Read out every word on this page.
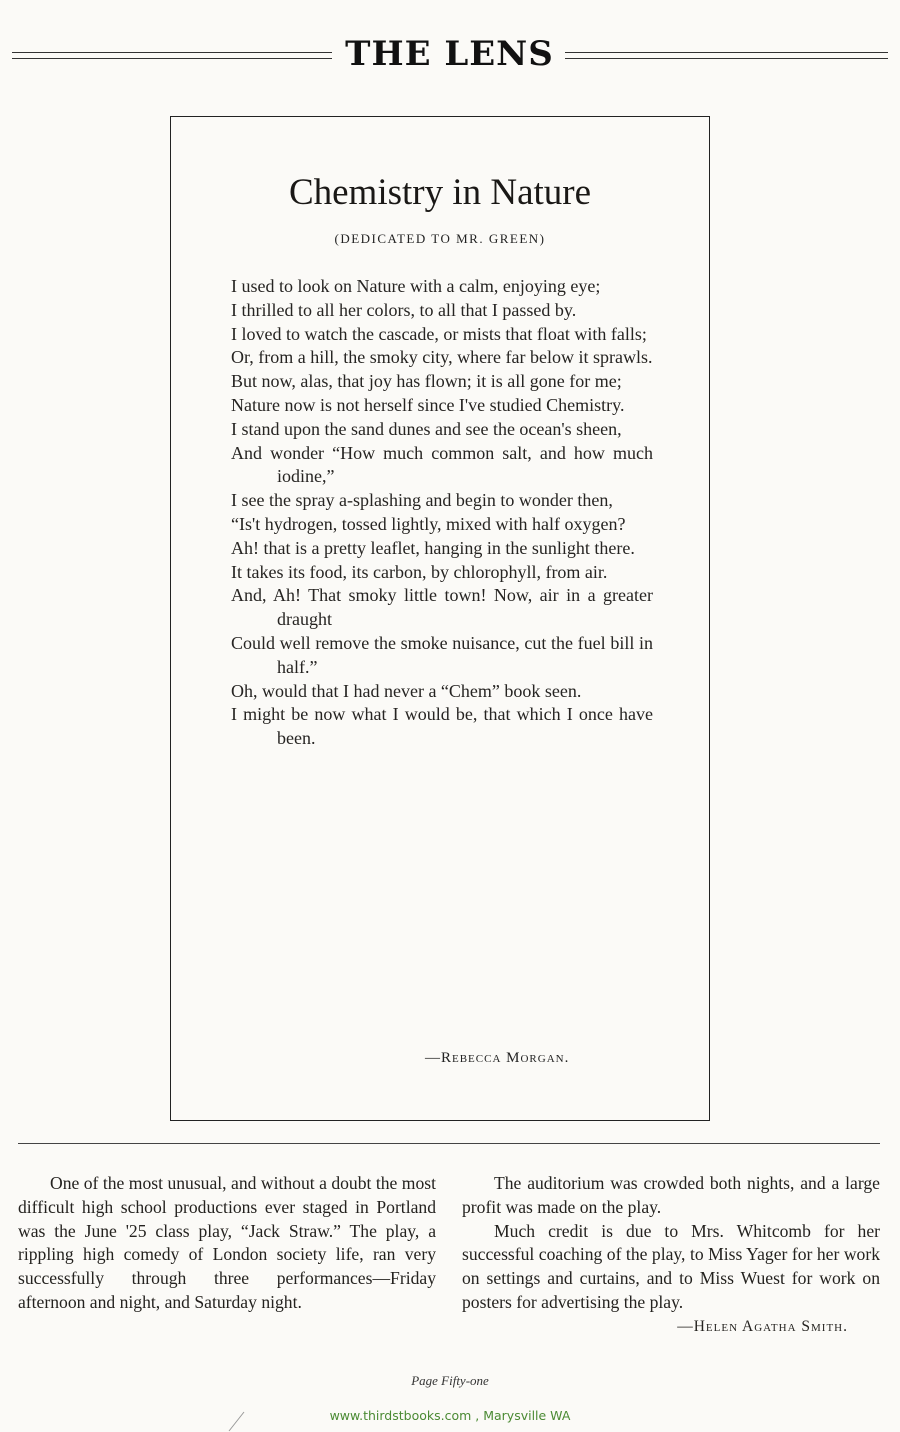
THE LENS
Chemistry in Nature
(DEDICATED TO MR. GREEN)
I used to look on Nature with a calm, enjoying eye;
I thrilled to all her colors, to all that I passed by.
I loved to watch the cascade, or mists that float with falls;
Or, from a hill, the smoky city, where far below it sprawls.
But now, alas, that joy has flown; it is all gone for me;
Nature now is not herself since I've studied Chemistry.
I stand upon the sand dunes and see the ocean's sheen,
And wonder “How much common salt, and how much iodine,”
I see the spray a-splashing and begin to wonder then,
“Is't hydrogen, tossed lightly, mixed with half oxygen?
Ah! that is a pretty leaflet, hanging in the sunlight there.
It takes its food, its carbon, by chlorophyll, from air.
And, Ah! That smoky little town! Now, air in a greater draught
Could well remove the smoke nuisance, cut the fuel bill in half.”
Oh, would that I had never a “Chem” book seen.
I might be now what I would be, that which I once have been.
—Rebecca Morgan.

One of the most unusual, and without a doubt the most difficult high school productions ever staged in Portland was the June '25 class play, “Jack Straw.” The play, a rippling high comedy of London society life, ran very successfully through three performances—Friday afternoon and night, and Saturday night.

The auditorium was crowded both nights, and a large profit was made on the play.

Much credit is due to Mrs. Whitcomb for her successful coaching of the play, to Miss Yager for her work on settings and curtains, and to Miss Wuest for work on posters for advertising the play.

—Helen Agatha Smith.
Page Fifty-one
www.thirdstbooks.com , Marysville WA
